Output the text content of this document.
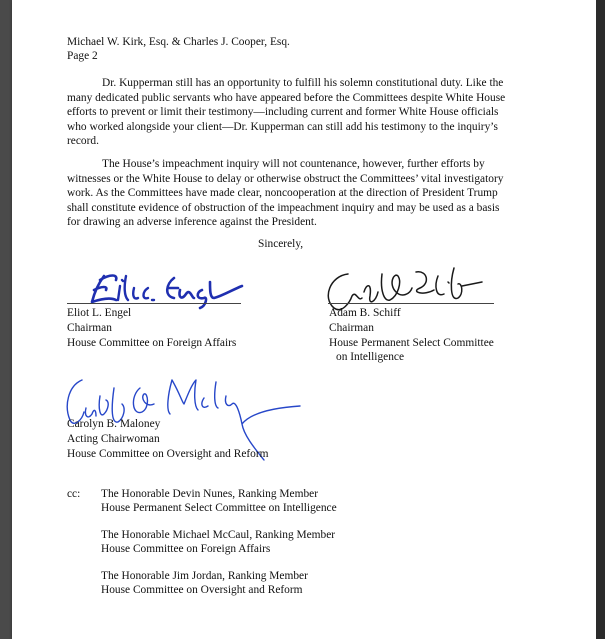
Michael W. Kirk, Esq. & Charles J. Cooper, Esq.
Page 2
Dr. Kupperman still has an opportunity to fulfill his solemn constitutional duty. Like the
many dedicated public servants who have appeared before the Committees despite White House
efforts to prevent or limit their testimony—including current and former White House officials
who worked alongside your client—Dr. Kupperman can still add his testimony to the inquiry’s
record.
The House’s impeachment inquiry will not countenance, however, further efforts by
witnesses or the White House to delay or otherwise obstruct the Committees’ vital investigatory
work. As the Committees have made clear, noncooperation at the direction of President Trump
shall constitute evidence of obstruction of the impeachment inquiry and may be used as a basis
for drawing an adverse inference against the President.
Sincerely,
Eliot L. Engel
Chairman
House Committee on Foreign Affairs
Adam B. Schiff
Chairman
House Permanent Select Committee
on Intelligence
Carolyn B. Maloney
Acting Chairwoman
House Committee on Oversight and Reform
cc: The Honorable Devin Nunes, Ranking Member
House Permanent Select Committee on Intelligence
The Honorable Michael McCaul, Ranking Member
House Committee on Foreign Affairs
The Honorable Jim Jordan, Ranking Member
House Committee on Oversight and Reform
